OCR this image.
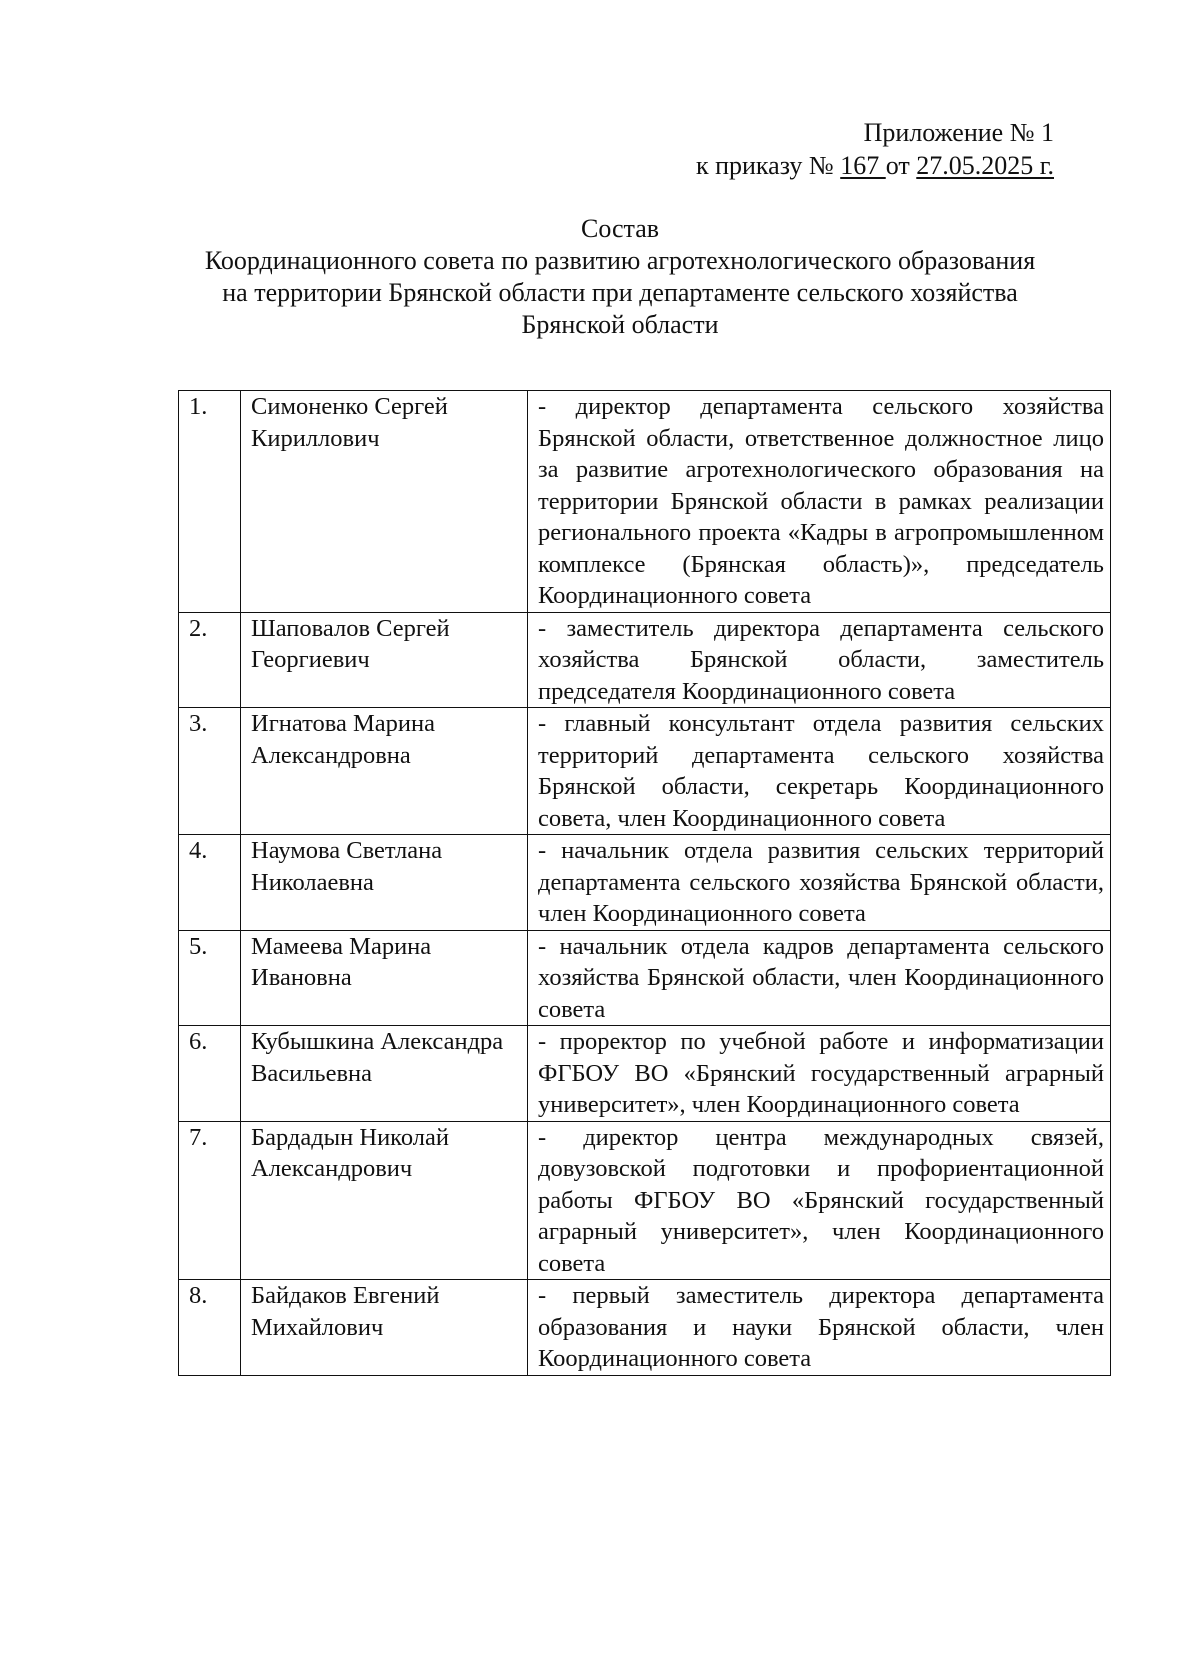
Приложение № 1
к приказу № 167 от 27.05.2025 г.
Состав
Координационного совета по развитию агротехнологического образования
на территории Брянской области при департаменте сельского хозяйства
Брянской области
1.	Симоненко Сергей Кириллович	- директор департамента сельского хозяйства Брянской области, ответственное должностное лицо за развитие агротехнологического образования на территории Брянской области в рамках реализации регионального проекта «Кадры в агропромышленном комплексе (Брянская область)», председатель Координационного совета
2.	Шаповалов Сергей Георгиевич	- заместитель директора департамента сельского хозяйства Брянской области, заместитель председателя Координационного совета
3.	Игнатова Марина Александровна	- главный консультант отдела развития сельских территорий департамента сельского хозяйства Брянской области, секретарь Координационного совета, член Координационного совета
4.	Наумова Светлана Николаевна	- начальник отдела развития сельских территорий департамента сельского хозяйства Брянской области, член Координационного совета
5.	Мамеева Марина Ивановна	- начальник отдела кадров департамента сельского хозяйства Брянской области, член Координационного совета
6.	Кубышкина Александра Васильевна	- проректор по учебной работе и информатизации ФГБОУ ВО «Брянский государственный аграрный университет», член Координационного совета
7.	Бардадын Николай Александрович	- директор центра международных связей, довузовской подготовки и профориентационной работы ФГБОУ ВО «Брянский государственный аграрный университет», член Координационного совета
8.	Байдаков Евгений Михайлович	- первый заместитель директора департамента образования и науки Брянской области, член Координационного совета
